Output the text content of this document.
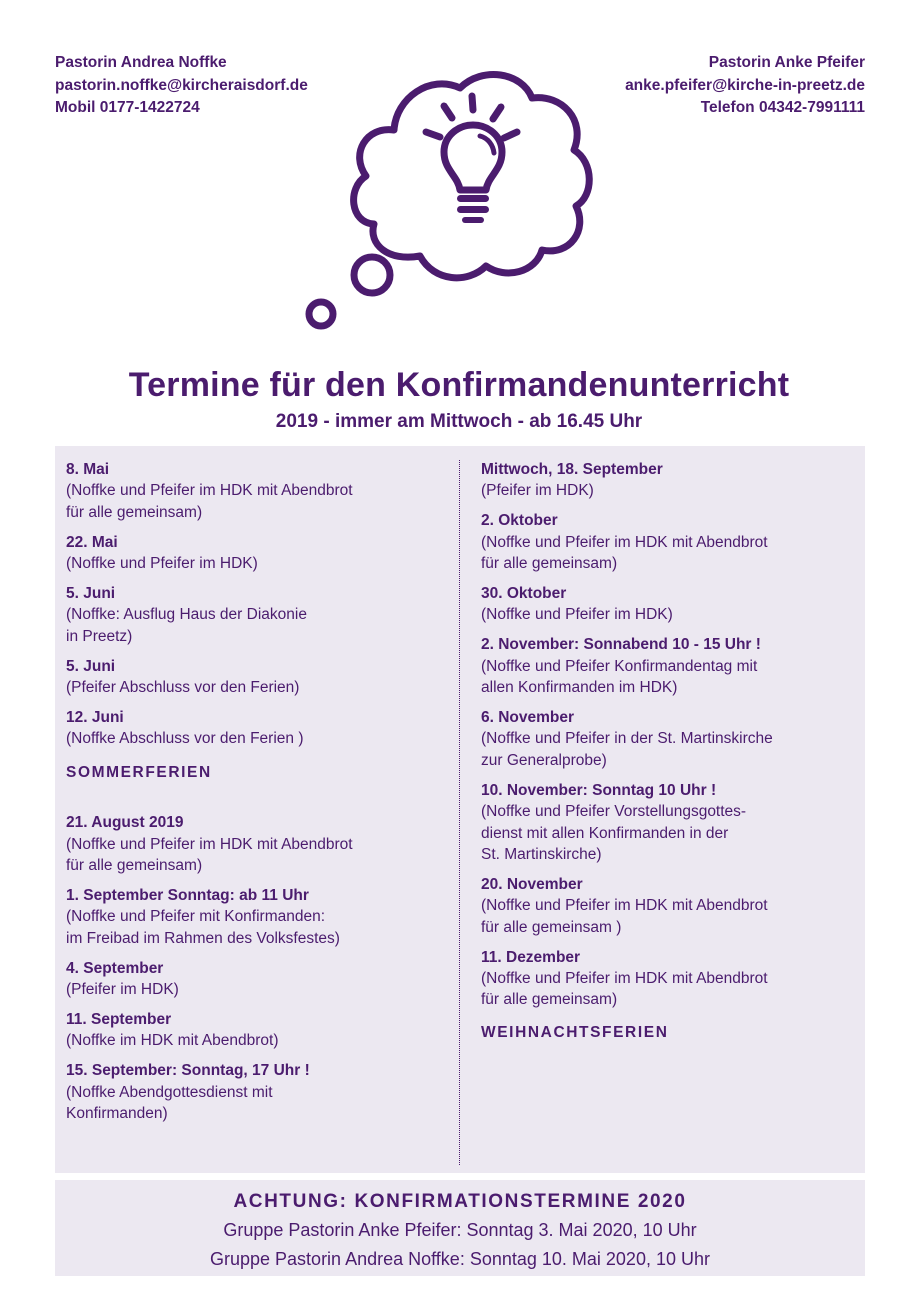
Pastorin Andrea Noffke
pastorin.noffke@kircheraisdorf.de
Mobil 0177-1422724
Pastorin Anke Pfeifer
anke.pfeifer@kirche-in-preetz.de
Telefon 04342-7991111
Termine für den Konfirmandenunterricht
2019 - immer am Mittwoch - ab 16.45 Uhr
8. Mai
(Noffke und Pfeifer im HDK mit Abendbrot
für alle gemeinsam)
22. Mai
(Noffke und Pfeifer im HDK)
5. Juni
(Noffke: Ausflug Haus der Diakonie
in Preetz)
5. Juni
(Pfeifer Abschluss vor den Ferien)
12. Juni
(Noffke Abschluss vor den Ferien )
SOMMERFERIEN
21. August 2019
(Noffke und Pfeifer im HDK mit Abendbrot
für alle gemeinsam)
1. September Sonntag: ab 11 Uhr
(Noffke und Pfeifer mit Konfirmanden:
im Freibad im Rahmen des Volksfestes)
4. September
(Pfeifer im HDK)
11. September
(Noffke im HDK mit Abendbrot)
15. September: Sonntag, 17 Uhr !
(Noffke Abendgottesdienst mit
Konfirmanden)
Mittwoch, 18. September
(Pfeifer im HDK)
2. Oktober
(Noffke und Pfeifer im HDK mit Abendbrot
für alle gemeinsam)
30. Oktober
(Noffke und Pfeifer im HDK)
2. November: Sonnabend 10 - 15 Uhr !
(Noffke und Pfeifer Konfirmandentag mit
allen Konfirmanden im HDK)
6. November
(Noffke und Pfeifer in der St. Martinskirche
zur Generalprobe)
10. November: Sonntag 10 Uhr !
(Noffke und Pfeifer Vorstellungsgottes-
dienst mit allen Konfirmanden in der
St. Martinskirche)
20. November
(Noffke und Pfeifer im HDK mit Abendbrot
für alle gemeinsam )
11. Dezember
(Noffke und Pfeifer im HDK mit Abendbrot
für alle gemeinsam)
WEIHNACHTSFERIEN
ACHTUNG: KONFIRMATIONSTERMINE 2020
Gruppe Pastorin Anke Pfeifer: Sonntag 3. Mai 2020, 10 Uhr
Gruppe Pastorin Andrea Noffke: Sonntag 10. Mai 2020, 10 Uhr
